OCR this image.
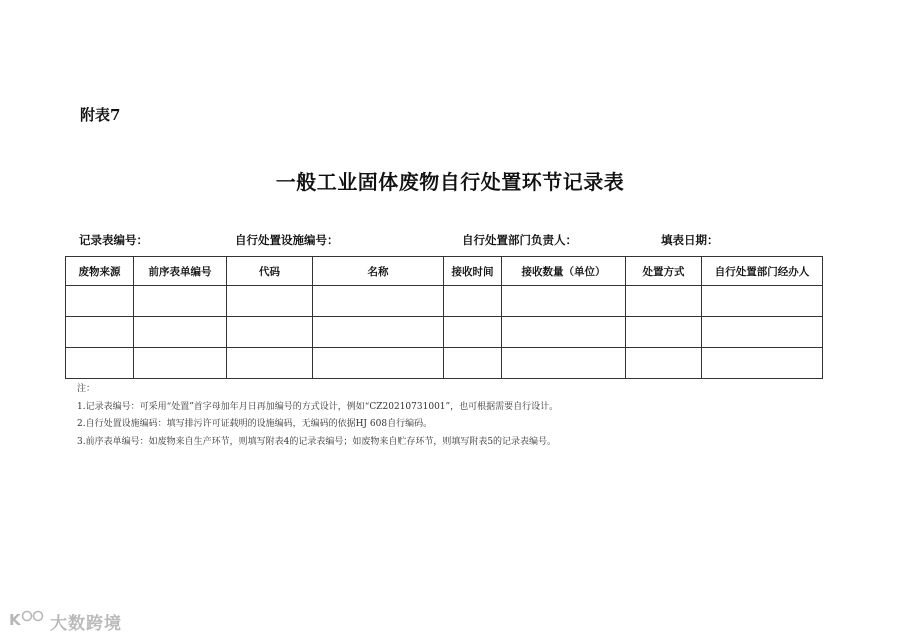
附表7
一般工业固体废物自行处置环节记录表
记录表编号：	自行处置设施编号：	自行处置部门负责人：	填表日期：
废物来源	前序表单编号	代码	名称	接收时间	接收数量（单位）	处置方式	自行处置部门经办人

注：
1.记录表编号：可采用“处置”首字母加年月日再加编号的方式设计，例如“CZ20210731001”，也可根据需要自行设计。
2.自行处置设施编码：填写排污许可证载明的设施编码，无编码的依据HJ 608自行编码。
3.前序表单编号：如废物来自生产环节，则填写附表4的记录表编号；如废物来自贮存环节，则填写附表5的记录表编号。
K 大数跨境
